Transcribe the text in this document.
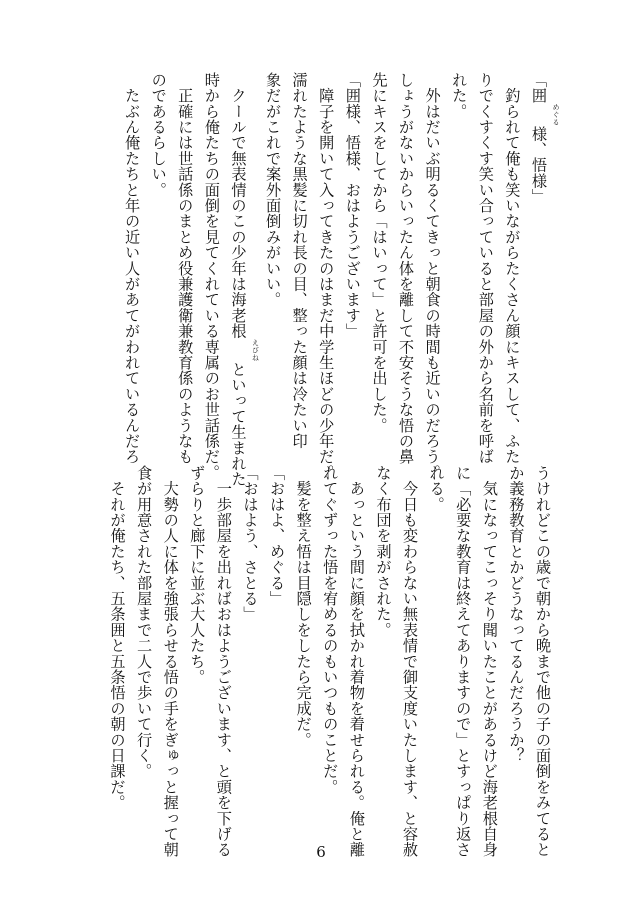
「囲めぐる様、悟様」
　釣られて俺も笑いながらたくさん顔にキスして、ふた
りでくすくす笑い合っていると部屋の外から名前を呼ば
れた。
　外はだいぶ明るくてきっと朝食の時間も近いのだろう。
しょうがないからいったん体を離して不安そうな悟の鼻
先にキスをしてから「はいって」と許可を出した。
「囲様、悟様、おはようございます」
　障子を開いて入ってきたのはまだ中学生ほどの少年だ。
濡れたような黒髪に切れ長の目、整った顔は冷たい印
象だがこれで案外面倒みがいい。
　クールで無表情のこの少年は海老根えびねといって生まれた
時から俺たちの面倒を見てくれている専属のお世話係だ。
　正確には世話係のまとめ役兼護衛兼教育係のようなも
のであるらしい。
　たぶん俺たちと年の近い人があてがわれているんだろ
うけれどこの歳で朝から晩まで他の子の面倒をみてると
か義務教育とかどうなってるんだろうか？
　気になってこっそり聞いたことがあるけど海老根自身
に「必要な教育は終えてありますので」とすっぱり返さ
れる。
　今日も変わらない無表情で御支度いたします、と容赦
なく布団を剥がされた。
　あっという間に顔を拭かれ着物を着せられる。俺と離
れてぐずった悟を宥めるのもいつものことだ。
　髪を整え悟は目隠しをしたら完成だ。
「おはよ、めぐる」
「おはよう、さとる」
　一歩部屋を出ればおはようございます、と頭を下げる
ずらりと廊下に並ぶ大人たち。
　大勢の人に体を強張らせる悟の手をぎゅっと握って朝
食が用意された部屋まで二人で歩いて行く。
　それが俺たち、五条囲と五条悟の朝の日課だ。
6
